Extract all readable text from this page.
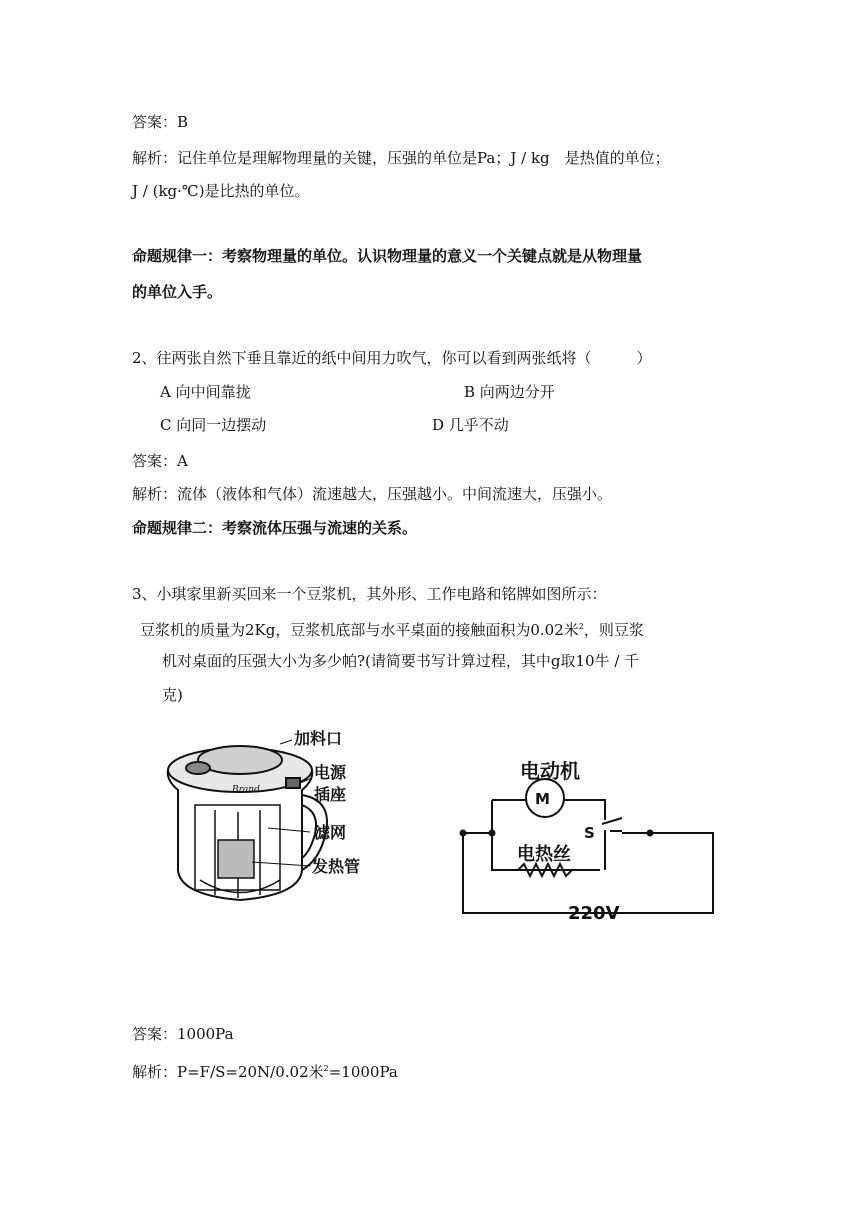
答案：B
解析：记住单位是理解物理量的关键，压强的单位是Pa；J / kg　是热值的单位；
J / (kg·℃)是比热的单位。
命题规律一：考察物理量的单位。认识物理量的意义一个关键点就是从物理量
的单位入手。
2、往两张自然下垂且靠近的纸中间用力吹气，你可以看到两张纸将（　　　）
A 向中间靠拢	B 向两边分开
C 向同一边摆动	D 几乎不动
答案：A
解析：流体（液体和气体）流速越大，压强越小。中间流速大，压强小。
命题规律二：考察流体压强与流速的关系。
3、小琪家里新买回来一个豆浆机，其外形、工作电路和铭牌如图所示：
豆浆机的质量为2Kg，豆浆机底部与水平桌面的接触面积为0.02米$^2$，则豆浆
机对桌面的压强大小为多少帕?(请简要书写计算过程，其中g取10牛 / 千
克)
Brand
加料口
电源
插座
滤网
发热管
电动机
M
S
电热丝
220V
答案：1000Pa
解析：P=F/S=20N/0.02米$^2$=1000Pa
